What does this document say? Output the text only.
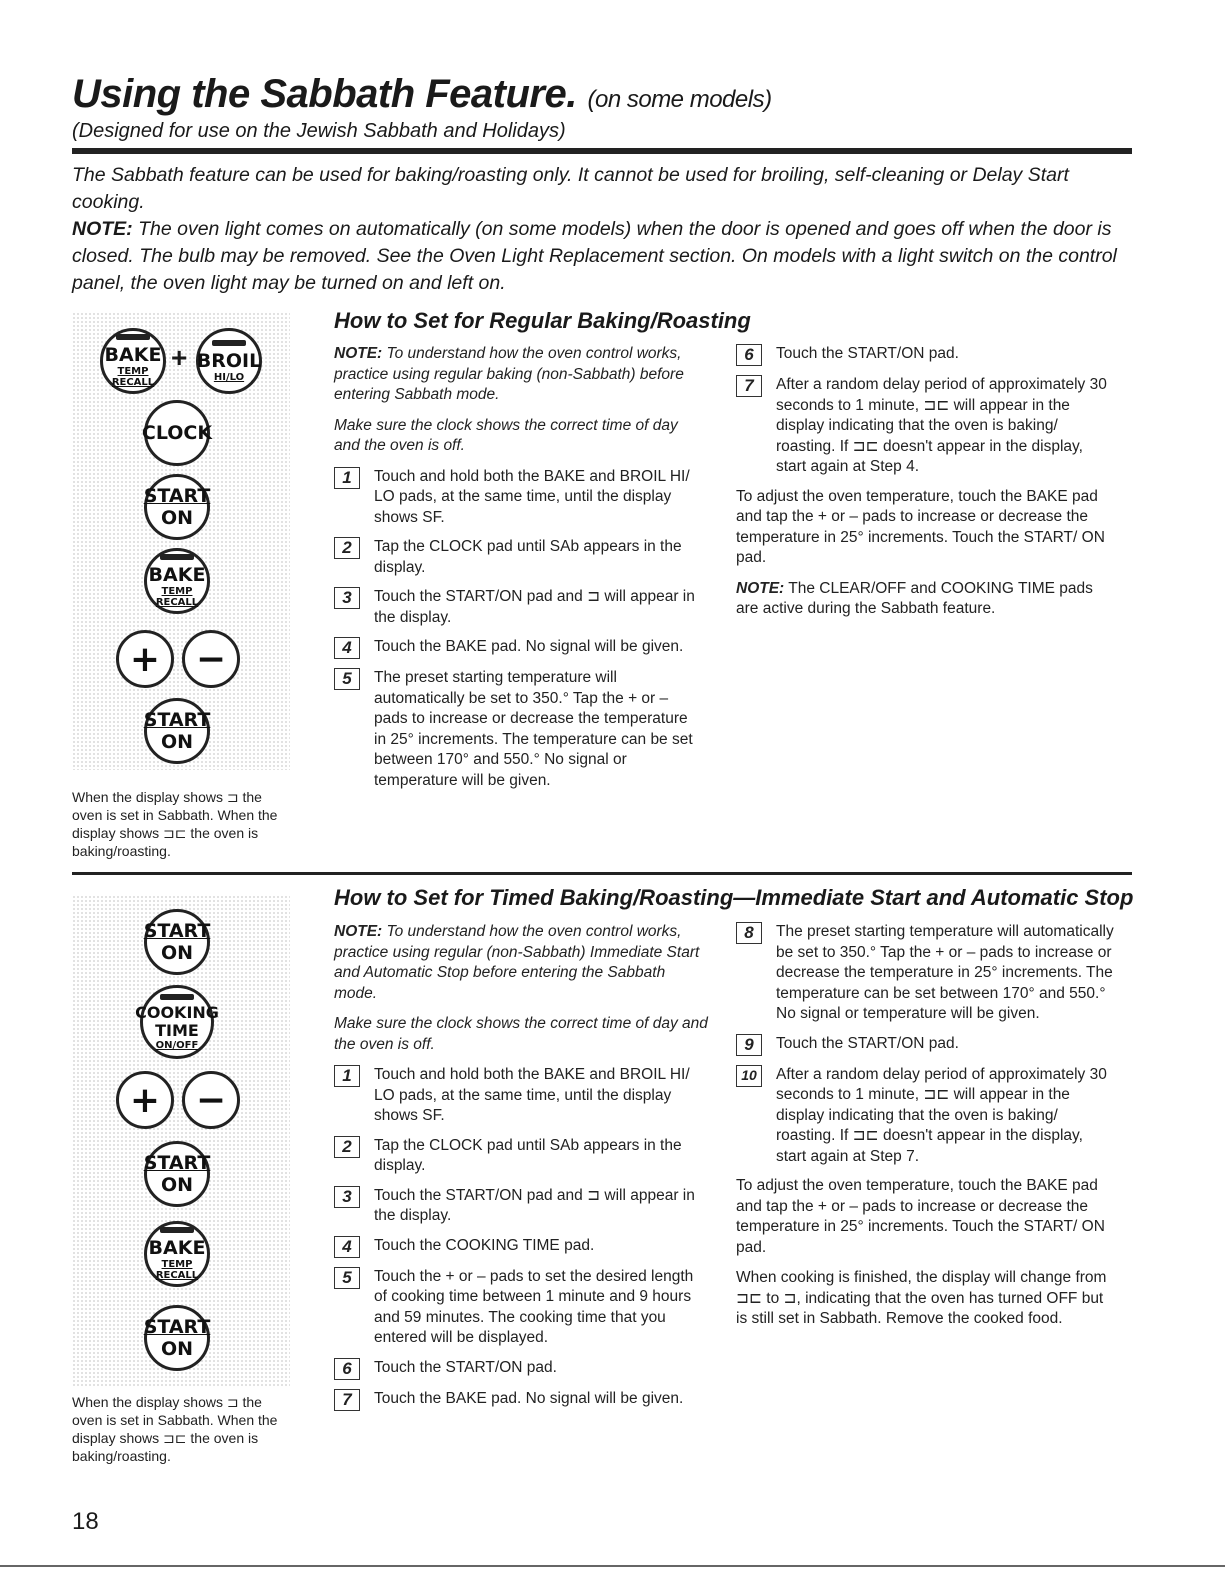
Using the Sabbath Feature. (on some models)
(Designed for use on the Jewish Sabbath and Holidays)
The Sabbath feature can be used for baking/roasting only. It cannot be used for broiling, self-cleaning or Delay Start cooking.
NOTE: The oven light comes on automatically (on some models) when the door is opened and goes off when the door is closed. The bulb may be removed. See the Oven Light Replacement section. On models with a light switch on the control panel, the oven light may be turned on and left on.
BAKE
TEMP RECALL
+ BROIL
HI/LO
CLOCK
START
ON
BAKE
TEMP RECALL
+ −
START
ON
When the display shows ⊐ the oven is set in Sabbath. When the display shows ⊐⊏ the oven is baking/roasting.
How to Set for Regular Baking/Roasting

NOTE: To understand how the oven control works, practice using regular baking (non-Sabbath) before entering Sabbath mode.

Make sure the clock shows the correct time of day and the oven is off.

1	Touch and hold both the BAKE and BROIL HI/ LO pads, at the same time, until the display shows SF.
2	Tap the CLOCK pad until SAb appears in the display.
3	Touch the START/ON pad and ⊐ will appear in the display.
4	Touch the BAKE pad. No signal will be given.
5	The preset starting temperature will automatically be set to 350.° Tap the + or – pads to increase or decrease the temperature in 25° increments. The temperature can be set between 170° and 550.° No signal or temperature will be given.
6	Touch the START/ON pad.
7	After a random delay period of approximately 30 seconds to 1 minute, ⊐⊏ will appear in the display indicating that the oven is baking/ roasting. If ⊐⊏ doesn't appear in the display, start again at Step 4.

To adjust the oven temperature, touch the BAKE pad and tap the + or – pads to increase or decrease the temperature in 25° increments. Touch the START/ ON pad.

NOTE: The CLEAR/OFF and COOKING TIME pads are active during the Sabbath feature.

START
ON
COOKING
TIME
ON/OFF
+ −
START
ON
BAKE
TEMP RECALL
START
ON
When the display shows ⊐ the oven is set in Sabbath. When the display shows ⊐⊏ the oven is baking/roasting.
How to Set for Timed Baking/Roasting—Immediate Start and Automatic Stop

NOTE: To understand how the oven control works, practice using regular (non-Sabbath) Immediate Start and Automatic Stop before entering the Sabbath mode.

Make sure the clock shows the correct time of day and the oven is off.

1	Touch and hold both the BAKE and BROIL HI/ LO pads, at the same time, until the display shows SF.
2	Tap the CLOCK pad until SAb appears in the display.
3	Touch the START/ON pad and ⊐ will appear in the display.
4	Touch the COOKING TIME pad.
5	Touch the + or – pads to set the desired length of cooking time between 1 minute and 9 hours and 59 minutes. The cooking time that you entered will be displayed.
6	Touch the START/ON pad.
7	Touch the BAKE pad. No signal will be given.
8	The preset starting temperature will automatically be set to 350.° Tap the + or – pads to increase or decrease the temperature in 25° increments. The temperature can be set between 170° and 550.° No signal or temperature will be given.
9	Touch the START/ON pad.
10	After a random delay period of approximately 30 seconds to 1 minute, ⊐⊏ will appear in the display indicating that the oven is baking/ roasting. If ⊐⊏ doesn't appear in the display, start again at Step 7.

To adjust the oven temperature, touch the BAKE pad and tap the + or – pads to increase or decrease the temperature in 25° increments. Touch the START/ ON pad.

When cooking is finished, the display will change from ⊐⊏ to ⊐, indicating that the oven has turned OFF but is still set in Sabbath. Remove the cooked food.

18
